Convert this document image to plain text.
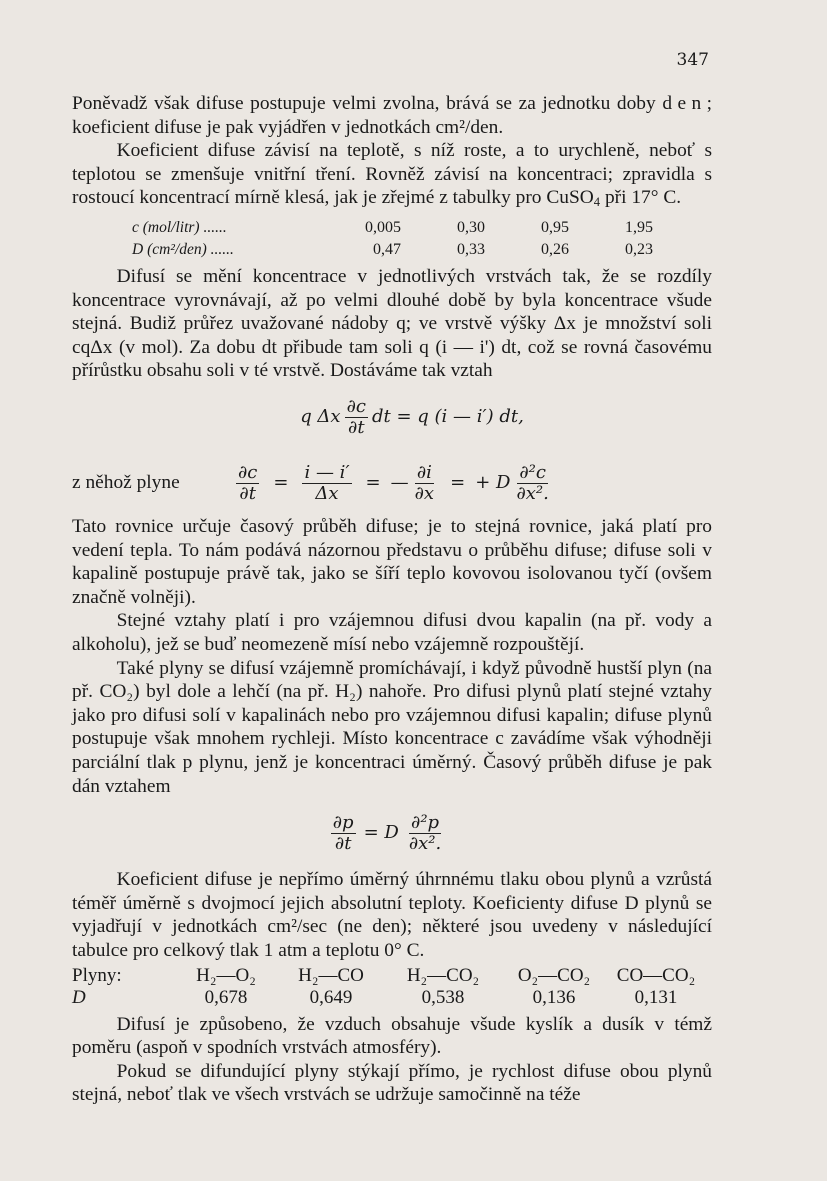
347

Poněvadž však difuse postupuje velmi zvolna, brává se za jednotku doby den; koeficient difuse je pak vyjádřen v jednotkách cm²/den.

Koeficient difuse závisí na teplotě, s níž roste, a to urychleně, neboť s teplotou se zmenšuje vnitřní tření. Rovněž závisí na koncentraci; zpravidla s rostoucí koncentrací mírně klesá, jak je zřejmé z tabulky pro CuSO$_4$ při 17° C.

c (mol/litr) ......	0,005	0,30	0,95	1,95
D (cm²/den) ......	0,47	0,33	0,26	0,23

Difusí se mění koncentrace v jednotlivých vrstvách tak, že se rozdíly koncentrace vyrovnávají, až po velmi dlouhé době by byla koncentrace všude stejná. Budiž průřez uvažované nádoby q; ve vrstvě výšky Δx je množství soli cqΔx (v mol). Za dobu dt přibude tam soli q (i — i') dt, což se rovná časovému přírůstku obsahu soli v té vrstvě. Dostáváme tak vztah

q Δx $\frac{\partial c}{\partial t}$ dt = q (i — i′) dt,
z něhož plyne	$\frac{\partial c}{\partial t} = \frac{i — i'}{\Delta x}$ = — $\frac{\partial i}{\partial x}$ = + D $\frac{\text{∂²c}}{\text{∂x².}}$

Tato rovnice určuje časový průběh difuse; je to stejná rovnice, jaká platí pro vedení tepla. To nám podává názornou představu o průběhu difuse; difuse soli v kapalině postupuje právě tak, jako se šíří teplo kovovou isolovanou tyčí (ovšem značně volněji).

Stejné vztahy platí i pro vzájemnou difusi dvou kapalin (na př. vody a alkoholu), jež se buď neomezeně mísí nebo vzájemně rozpouštějí.

Také plyny se difusí vzájemně promíchávají, i když původně hustší plyn (na př. CO₂) byl dole a lehčí (na př. H₂) nahoře. Pro difusi plynů platí stejné vztahy jako pro difusi solí v kapalinách nebo pro vzájemnou difusi kapalin; difuse plynů postupuje však mnohem rychleji. Místo koncentrace c zavádíme však výhodněji parciální tlak p plynu, jenž je koncentraci úměrný. Časový průběh difuse je pak dán vztahem

$\frac{\partial p}{\partial t} = D \frac{\text{∂²p}}{\text{∂x².}}$

Koeficient difuse je nepřímo úměrný úhrnnému tlaku obou plynů a vzrůstá téměř úměrně s dvojmocí jejich absolutní teploty. Koeficienty difuse D plynů se vyjadřují v jednotkách cm²/sec (ne den); některé jsou uvedeny v následující tabulce pro celkový tlak 1 atm a teplotu 0° C.

Plyny:	H₂—O₂	H₂—CO	H₂—CO₂	O₂—CO₂	CO—CO₂
D	0,678	0,649	0,538	0,136	0,131

Difusí je způsobeno, že vzduch obsahuje všude kyslík a dusík v témž poměru (aspoň v spodních vrstvách atmosféry).

Pokud se difundující plyny stýkají přímo, je rychlost difuse obou plynů stejná, neboť tlak ve všech vrstvách se udržuje samočinně na téže
